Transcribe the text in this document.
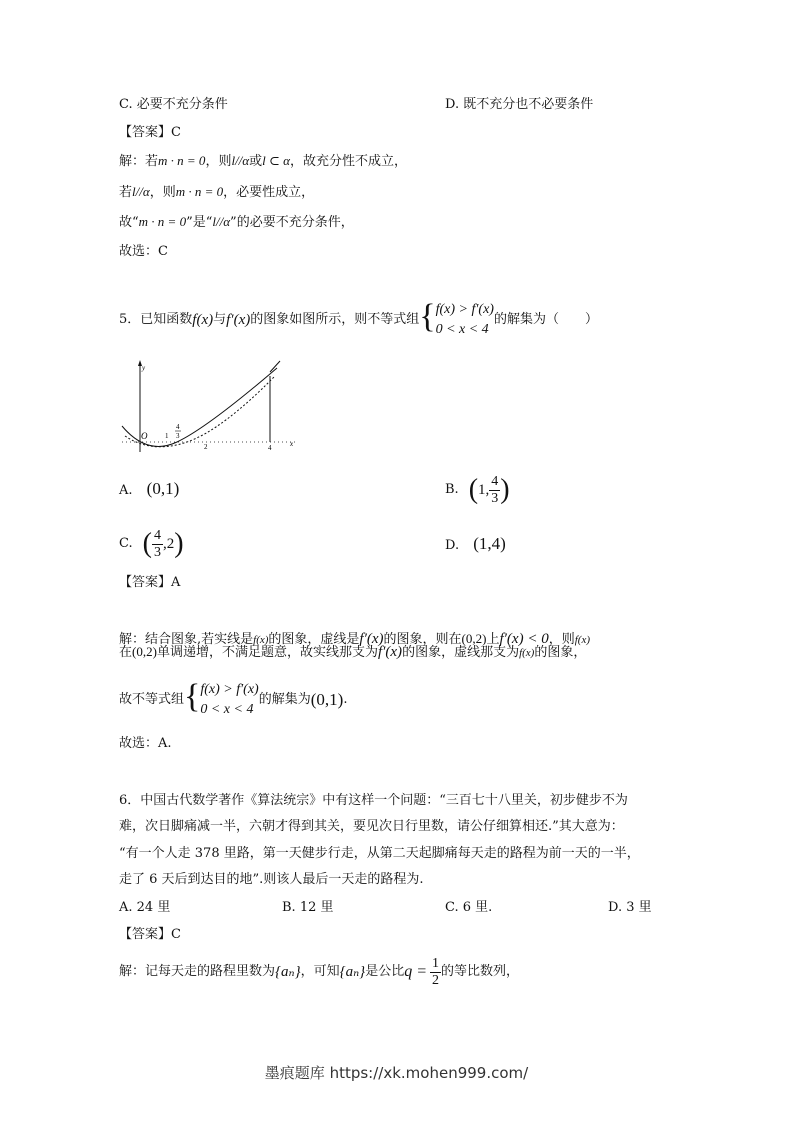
C. 必要不充分条件	D. 既不充分也不必要条件
【答案】C
解：若m · n = 0，则l//α或l ⊂ α，故充分性不成立，
若l//α，则m · n = 0，必要性成立，
故“m · n = 0”是“l//α”的必要不充分条件，
故选：C
5．已知函数 f(x) 与 f′(x) 的图象如图所示，则不等式组 { f(x) > f′(x)
0 < x < 4
的解集为（　　）
y
O	1
4
3
2	4	x
A. (0,1)	B. ( 1, $\frac{4}{3}$ )
C. ( $\frac{4}{3} ,2$ )	D. (1,4)
【答案】A
解：结合图象,若实线是f(x)的图象，虚线是f′(x)的图象，则在(0,2)上f′(x) < 0，则f(x)
在(0,2)单调递增，不满足题意，故实线那支为f′(x)的图象，虚线那支为f(x)的图象，
故不等式组 { f(x) > f′(x)
0 < x < 4
的解集为 (0,1) .
故选：A.
6．中国古代数学著作《算法统宗》中有这样一个问题：“三百七十八里关，初步健步不为
难，次日脚痛减一半，六朝才得到其关，要见次日行里数，请公仔细算相还.”其大意为：
“有一个人走 378 里路，第一天健步行走，从第二天起脚痛每天走的路程为前一天的一半，
走了 6 天后到达目的地”.则该人最后一天走的路程为.
A. 24 里	B. 12 里	C. 6 里.	D. 3 里
【答案】C
解：记每天走的路程里数为 {aₙ} ，可知 {aₙ} 是公比 $q = \frac{1}{2}$ 的等比数列，
墨痕题库 https://xk.mohen999.com/
